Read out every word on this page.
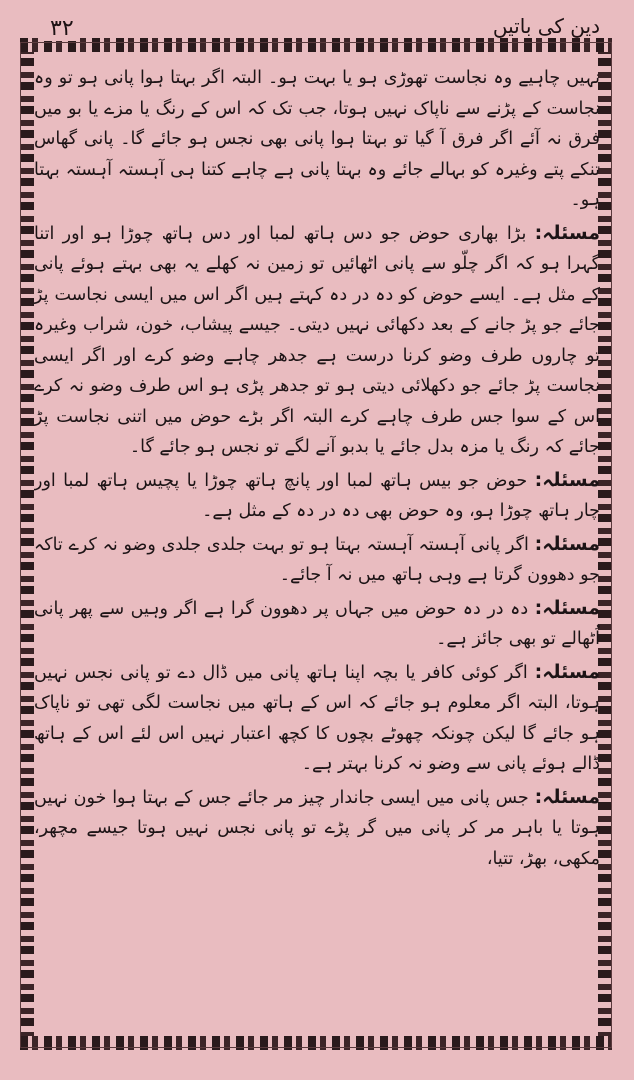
۳۲	دین کی باتیں

نہیں چاہیے وہ نجاست تھوڑی ہو یا بہت ہو۔ البتہ اگر بہتا ہوا پانی ہو تو وہ نجاست کے پڑنے سے ناپاک نہیں ہوتا، جب تک کہ اس کے رنگ یا مزے یا بو میں فرق نہ آئے اگر فرق آ گیا تو بہتا ہوا پانی بھی نجس ہو جائے گا۔ پانی گھاس تنکے پتے وغیرہ کو بہالے جائے وہ بہتا پانی ہے چاہے کتنا ہی آہستہ آہستہ بہتا ہو۔

مسئلہ: بڑا بھاری حوض جو دس ہاتھ لمبا اور دس ہاتھ چوڑا ہو اور اتنا گہرا ہو کہ اگر چلّو سے پانی اٹھائیں تو زمین نہ کھلے یہ بھی بہتے ہوئے پانی کے مثل ہے۔ ایسے حوض کو دہ در دہ کہتے ہیں اگر اس میں ایسی نجاست پڑ جائے جو پڑ جانے کے بعد دکھائی نہیں دیتی۔ جیسے پیشاب، خون، شراب وغیرہ تو چاروں طرف وضو کرنا درست ہے جدھر چاہے وضو کرے اور اگر ایسی نجاست پڑ جائے جو دکھلائی دیتی ہو تو جدھر پڑی ہو اس طرف وضو نہ کرے اس کے سوا جس طرف چاہے کرے البتہ اگر بڑے حوض میں اتنی نجاست پڑ جائے کہ رنگ یا مزہ بدل جائے یا بدبو آنے لگے تو نجس ہو جائے گا۔

مسئلہ: حوض جو بیس ہاتھ لمبا اور پانچ ہاتھ چوڑا یا پچیس ہاتھ لمبا اور چار ہاتھ چوڑا ہو، وہ حوض بھی دہ در دہ کے مثل ہے۔

مسئلہ: اگر پانی آہستہ آہستہ بہتا ہو تو بہت جلدی جلدی وضو نہ کرے تاکہ جو دھوون گرتا ہے وہی ہاتھ میں نہ آ جائے۔

مسئلہ: دہ در دہ حوض میں جہاں پر دھوون گرا ہے اگر وہیں سے پھر پانی اُٹھالے تو بھی جائز ہے۔

مسئلہ: اگر کوئی کافر یا بچہ اپنا ہاتھ پانی میں ڈال دے تو پانی نجس نہیں ہوتا، البتہ اگر معلوم ہو جائے کہ اس کے ہاتھ میں نجاست لگی تھی تو ناپاک ہو جائے گا لیکن چونکہ چھوٹے بچوں کا کچھ اعتبار نہیں اس لئے اس کے ہاتھ ڈالے ہوئے پانی سے وضو نہ کرنا بہتر ہے۔

مسئلہ: جس پانی میں ایسی جاندار چیز مر جائے جس کے بہتا ہوا خون نہیں ہوتا یا باہر مر کر پانی میں گر پڑے تو پانی نجس نہیں ہوتا جیسے مچھر، مکھی، بھڑ، تتیا،
